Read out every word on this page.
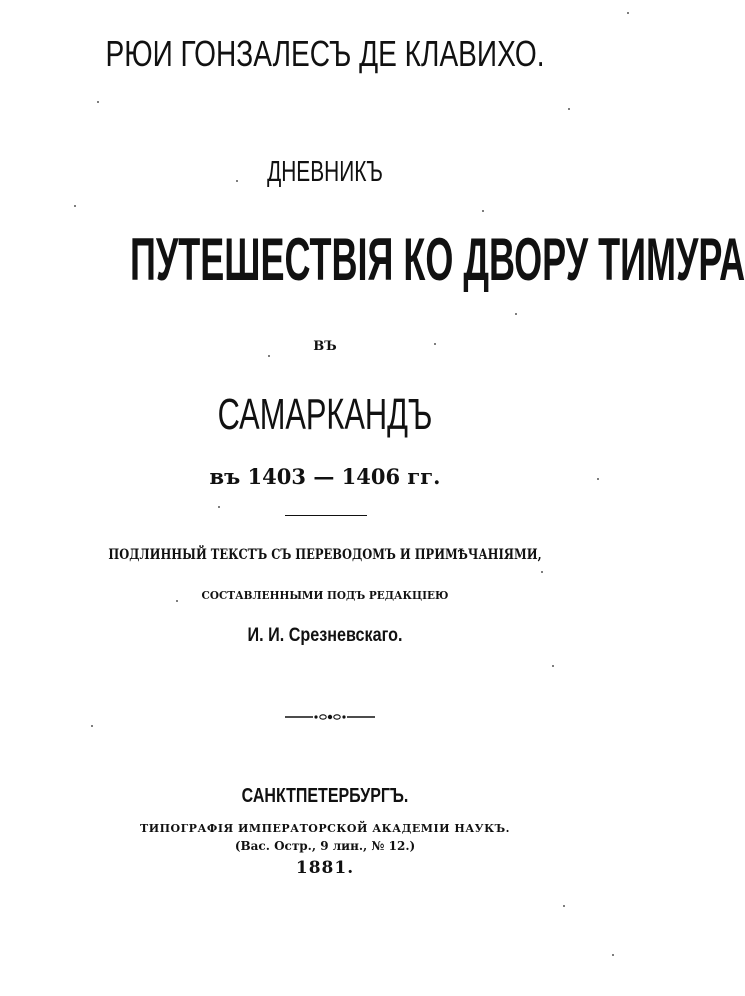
РЮИ ГОНЗАЛЕСЪ ДЕ КЛАВИХО.
ДНЕВНИКЪ
ПУТЕШЕСТВІЯ КО ДВОРУ ТИМУРА
ВЪ
САМАРКАНДЪ
въ 1403 — 1406 гг.
ПОДЛИННЫЙ ТЕКСТЪ СЪ ПЕРЕВОДОМЪ И ПРИМѢЧАНІЯМИ,
СОСТАВЛЕННЫМИ ПОДЪ РЕДАКЦІЕЮ
И. И. Срезневскаго.
САНКТПЕТЕРБУРГЪ.
ТИПОГРАФІЯ ИМПЕРАТОРСКОЙ АКАДЕМІИ НАУКЪ.
(Вас. Остр., 9 лин., № 12.)
1881.
